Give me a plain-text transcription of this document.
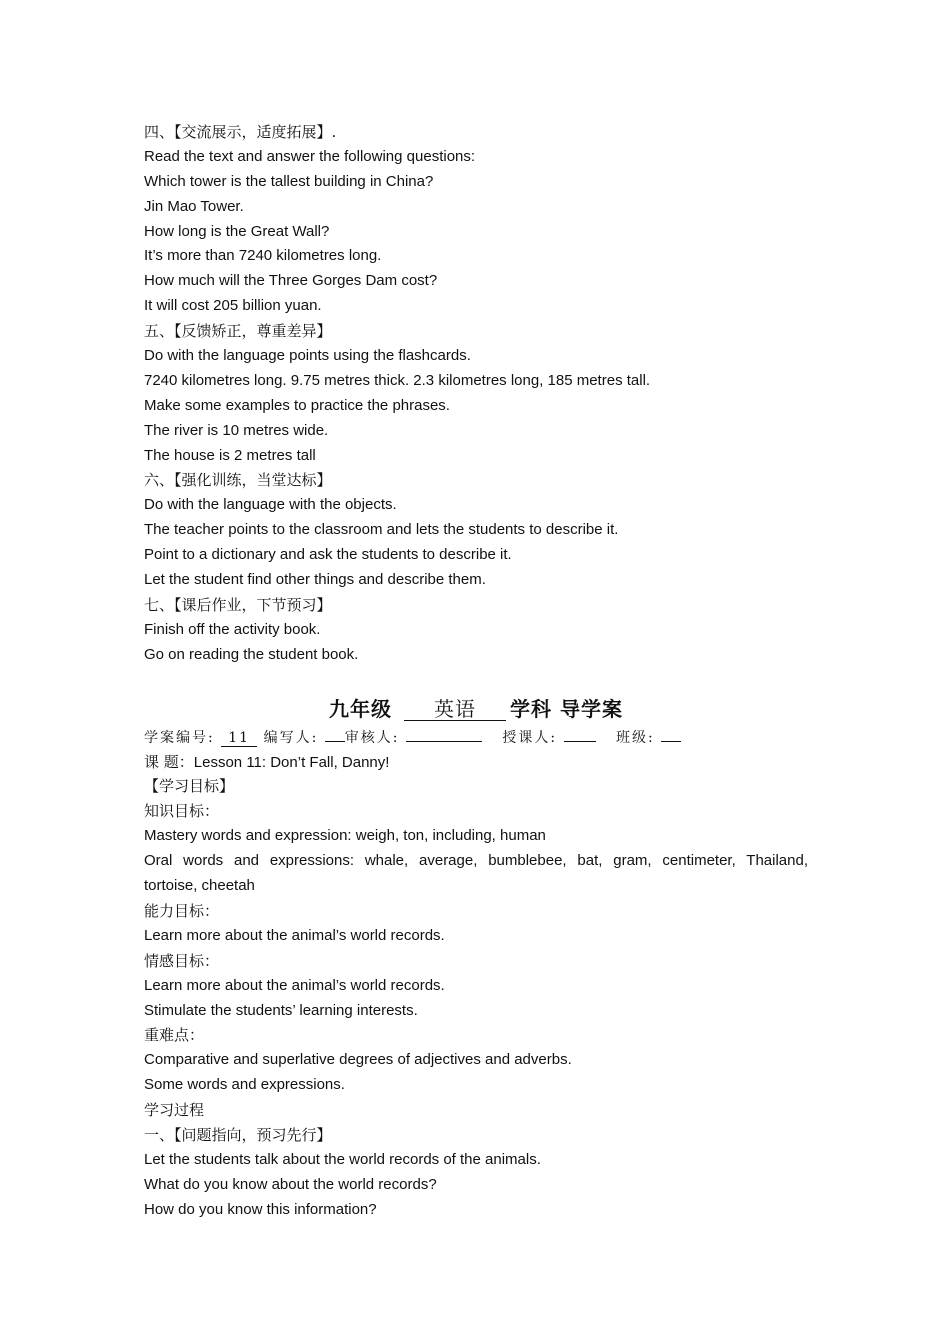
四、【交流展示，适度拓展】.
Read the text and answer the following questions:
Which tower is the tallest building in China?
Jin Mao Tower.
How long is the Great Wall?
It’s more than 7240 kilometres long.
How much will the Three Gorges Dam cost?
It will cost 205 billion yuan.
五、【反馈矫正，尊重差异】
Do with the language points using the flashcards.
7240 kilometres long. 9.75 metres thick. 2.3 kilometres long, 185 metres tall.
Make some examples to practice the phrases.
The river is 10 metres wide.
The house is 2 metres tall
六、【强化训练，当堂达标】
Do with the language with the objects.
The teacher points to the classroom and lets the students to describe it.
Point to a dictionary and ask the students to describe it.
Let the student find other things and describe them.
七、【课后作业，下节预习】
Finish off the activity book.
Go on reading the student book.
九年级 英语 学科 导学案
学案编号: 11 编写人: 审核人:	授课人:	班级:
课 题：Lesson 11: Don’t Fall, Danny!
【学习目标】
知识目标：
Mastery words and expression: weigh, ton, including, human
Oral words and expressions: whale, average, bumblebee, bat, gram, centimeter, Thailand,
tortoise, cheetah
能力目标：
Learn more about the animal’s world records.
情感目标：
Learn more about the animal’s world records.
Stimulate the students’ learning interests.
重难点：
Comparative and superlative degrees of adjectives and adverbs.
Some words and expressions.
学习过程
一、【问题指向，预习先行】
Let the students talk about the world records of the animals.
What do you know about the world records?
How do you know this information?
